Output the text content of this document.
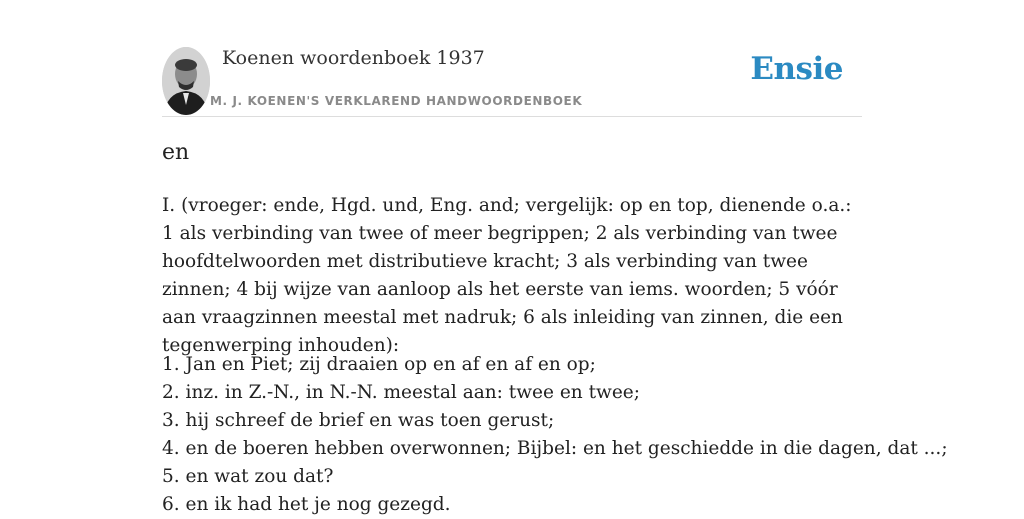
Koenen woordenboek 1937
M. J. KOENEN'S VERKLAREND HANDWOORDENBOEK
Ensie
en

I. (vroeger: ende, Hgd. und, Eng. and; vergelijk: op en top, dienende o.a.: 1 als verbinding van twee of meer begrippen; 2 als verbinding van twee hoofdtelwoorden met distributieve kracht; 3 als verbinding van twee zinnen; 4 bij wijze van aanloop als het eerste van iems. woorden; 5 vóór aan vraagzinnen meestal met nadruk; 6 als inleiding van zinnen, die een tegenwerping inhouden):

1. Jan en Piet; zij draaien op en af en af en op;
2. inz. in Z.-N., in N.-N. meestal aan: twee en twee;
3. hij schreef de brief en was toen gerust;
4. en de boeren hebben overwonnen; Bijbel: en het geschiedde in die dagen, dat ...;
5. en wat zou dat?
6. en ik had het je nog gezegd.
